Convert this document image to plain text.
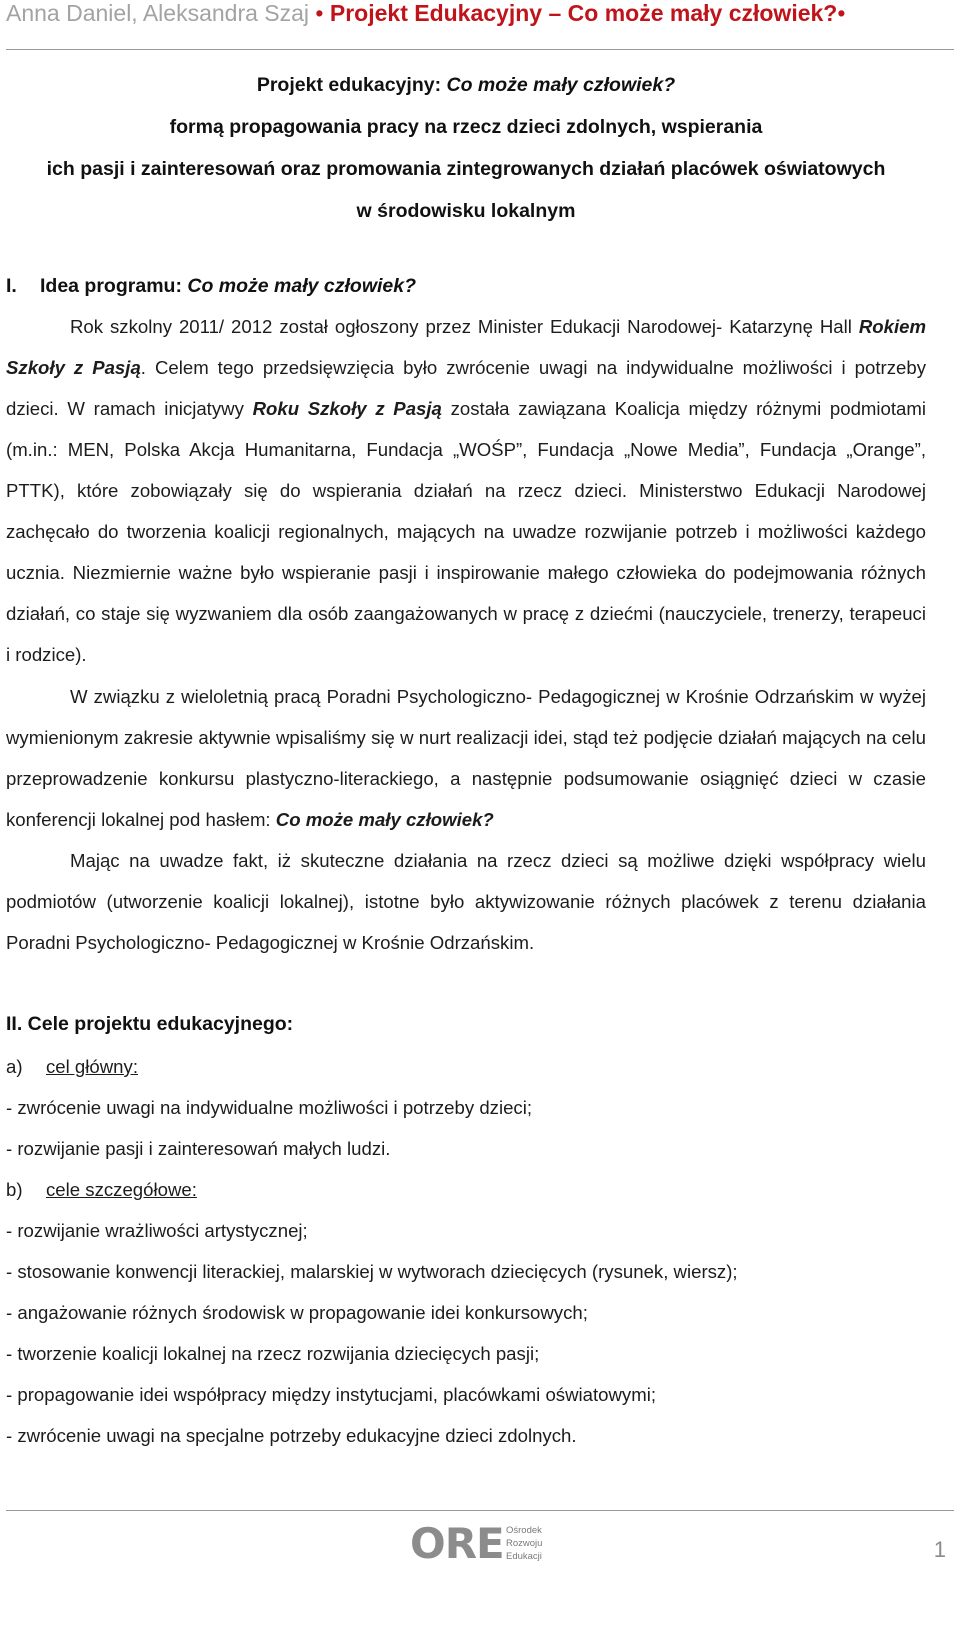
Anna Daniel, Aleksandra Szaj • Projekt Edukacyjny – Co może mały człowiek?•
Projekt edukacyjny: Co może mały człowiek?
formą propagowania pracy na rzecz dzieci zdolnych, wspierania
ich pasji i zainteresowań oraz promowania zintegrowanych działań placówek oświatowych
w środowisku lokalnym
I. Idea programu: Co może mały człowiek?
Rok szkolny 2011/ 2012 został ogłoszony przez Minister Edukacji Narodowej- Katarzynę Hall Rokiem Szkoły z Pasją. Celem tego przedsięwzięcia było zwrócenie uwagi na indywidualne możliwości i potrzeby dzieci. W ramach inicjatywy Roku Szkoły z Pasją została zawiązana Koalicja między różnymi podmiotami (m.in.: MEN, Polska Akcja Humanitarna, Fundacja „WOŚP”, Fundacja „Nowe Media”, Fundacja „Orange”, PTTK), które zobowiązały się do wspierania działań na rzecz dzieci. Ministerstwo Edukacji Narodowej zachęcało do tworzenia koalicji regionalnych, mających na uwadze rozwijanie potrzeb i możliwości każdego ucznia. Niezmiernie ważne było wspieranie pasji i inspirowanie małego człowieka do podejmowania różnych działań, co staje się wyzwaniem dla osób zaangażowanych w pracę z dziećmi (nauczyciele, trenerzy, terapeuci i rodzice).
W związku z wieloletnią pracą Poradni Psychologiczno- Pedagogicznej w Krośnie Odrzańskim w wyżej wymienionym zakresie aktywnie wpisaliśmy się w nurt realizacji idei, stąd też podjęcie działań mających na celu przeprowadzenie konkursu plastyczno-literackiego, a następnie podsumowanie osiągnięć dzieci w czasie konferencji lokalnej pod hasłem: Co może mały człowiek?
Mając na uwadze fakt, iż skuteczne działania na rzecz dzieci są możliwe dzięki współpracy wielu podmiotów (utworzenie koalicji lokalnej), istotne było aktywizowanie różnych placówek z terenu działania Poradni Psychologiczno- Pedagogicznej w Krośnie Odrzańskim.
II. Cele projektu edukacyjnego:
a) cel główny:
- zwrócenie uwagi na indywidualne możliwości i potrzeby dzieci;
- rozwijanie pasji i zainteresowań małych ludzi.
b) cele szczegółowe:
- rozwijanie wrażliwości artystycznej;
- stosowanie konwencji literackiej, malarskiej w wytworach dziecięcych (rysunek, wiersz);
- angażowanie różnych środowisk w propagowanie idei konkursowych;
- tworzenie koalicji lokalnej na rzecz rozwijania dziecięcych pasji;
- propagowanie idei współpracy między instytucjami, placówkami oświatowymi;
- zwrócenie uwagi na specjalne potrzeby edukacyjne dzieci zdolnych.
ORE Ośrodek
Rozwoju
Edukacji	1
